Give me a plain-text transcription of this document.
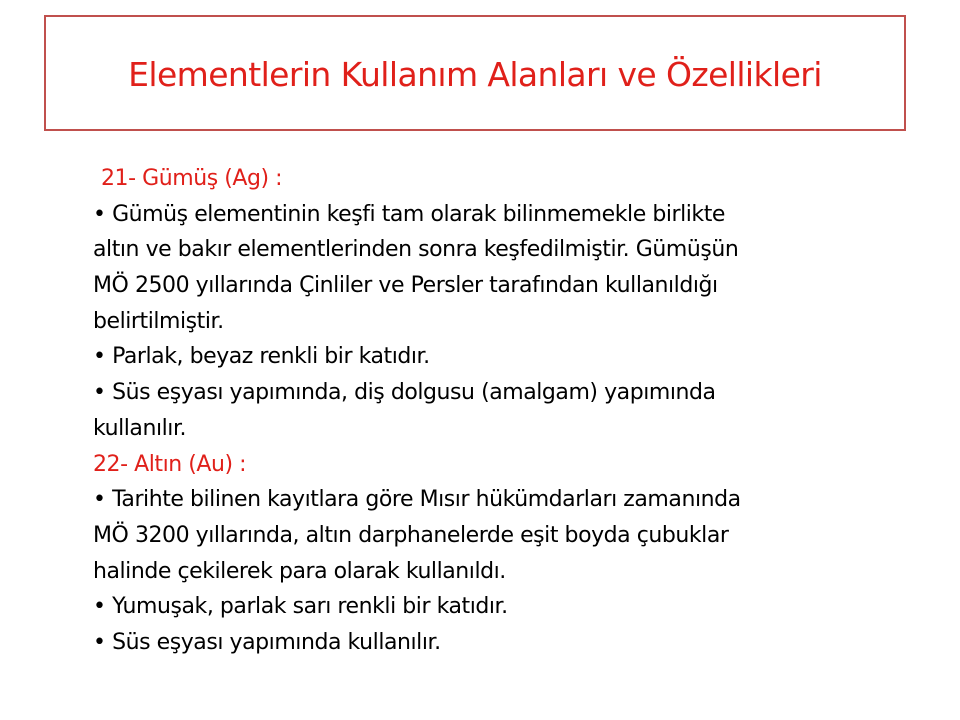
Elementlerin Kullanım Alanları ve Özellikleri
21- Gümüş (Ag) :
• Gümüş elementinin keşfi tam olarak bilinmemekle birlikte
altın ve bakır elementlerinden sonra keşfedilmiştir. Gümüşün
MÖ 2500 yıllarında Çinliler ve Persler tarafından kullanıldığı
belirtilmiştir.
• Parlak, beyaz renkli bir katıdır.
• Süs eşyası yapımında, diş dolgusu (amalgam) yapımında
kullanılır.
22- Altın (Au) :
• Tarihte bilinen kayıtlara göre Mısır hükümdarları zamanında
MÖ 3200 yıllarında, altın darphanelerde eşit boyda çubuklar
halinde çekilerek para olarak kullanıldı.
• Yumuşak, parlak sarı renkli bir katıdır.
• Süs eşyası yapımında kullanılır.
